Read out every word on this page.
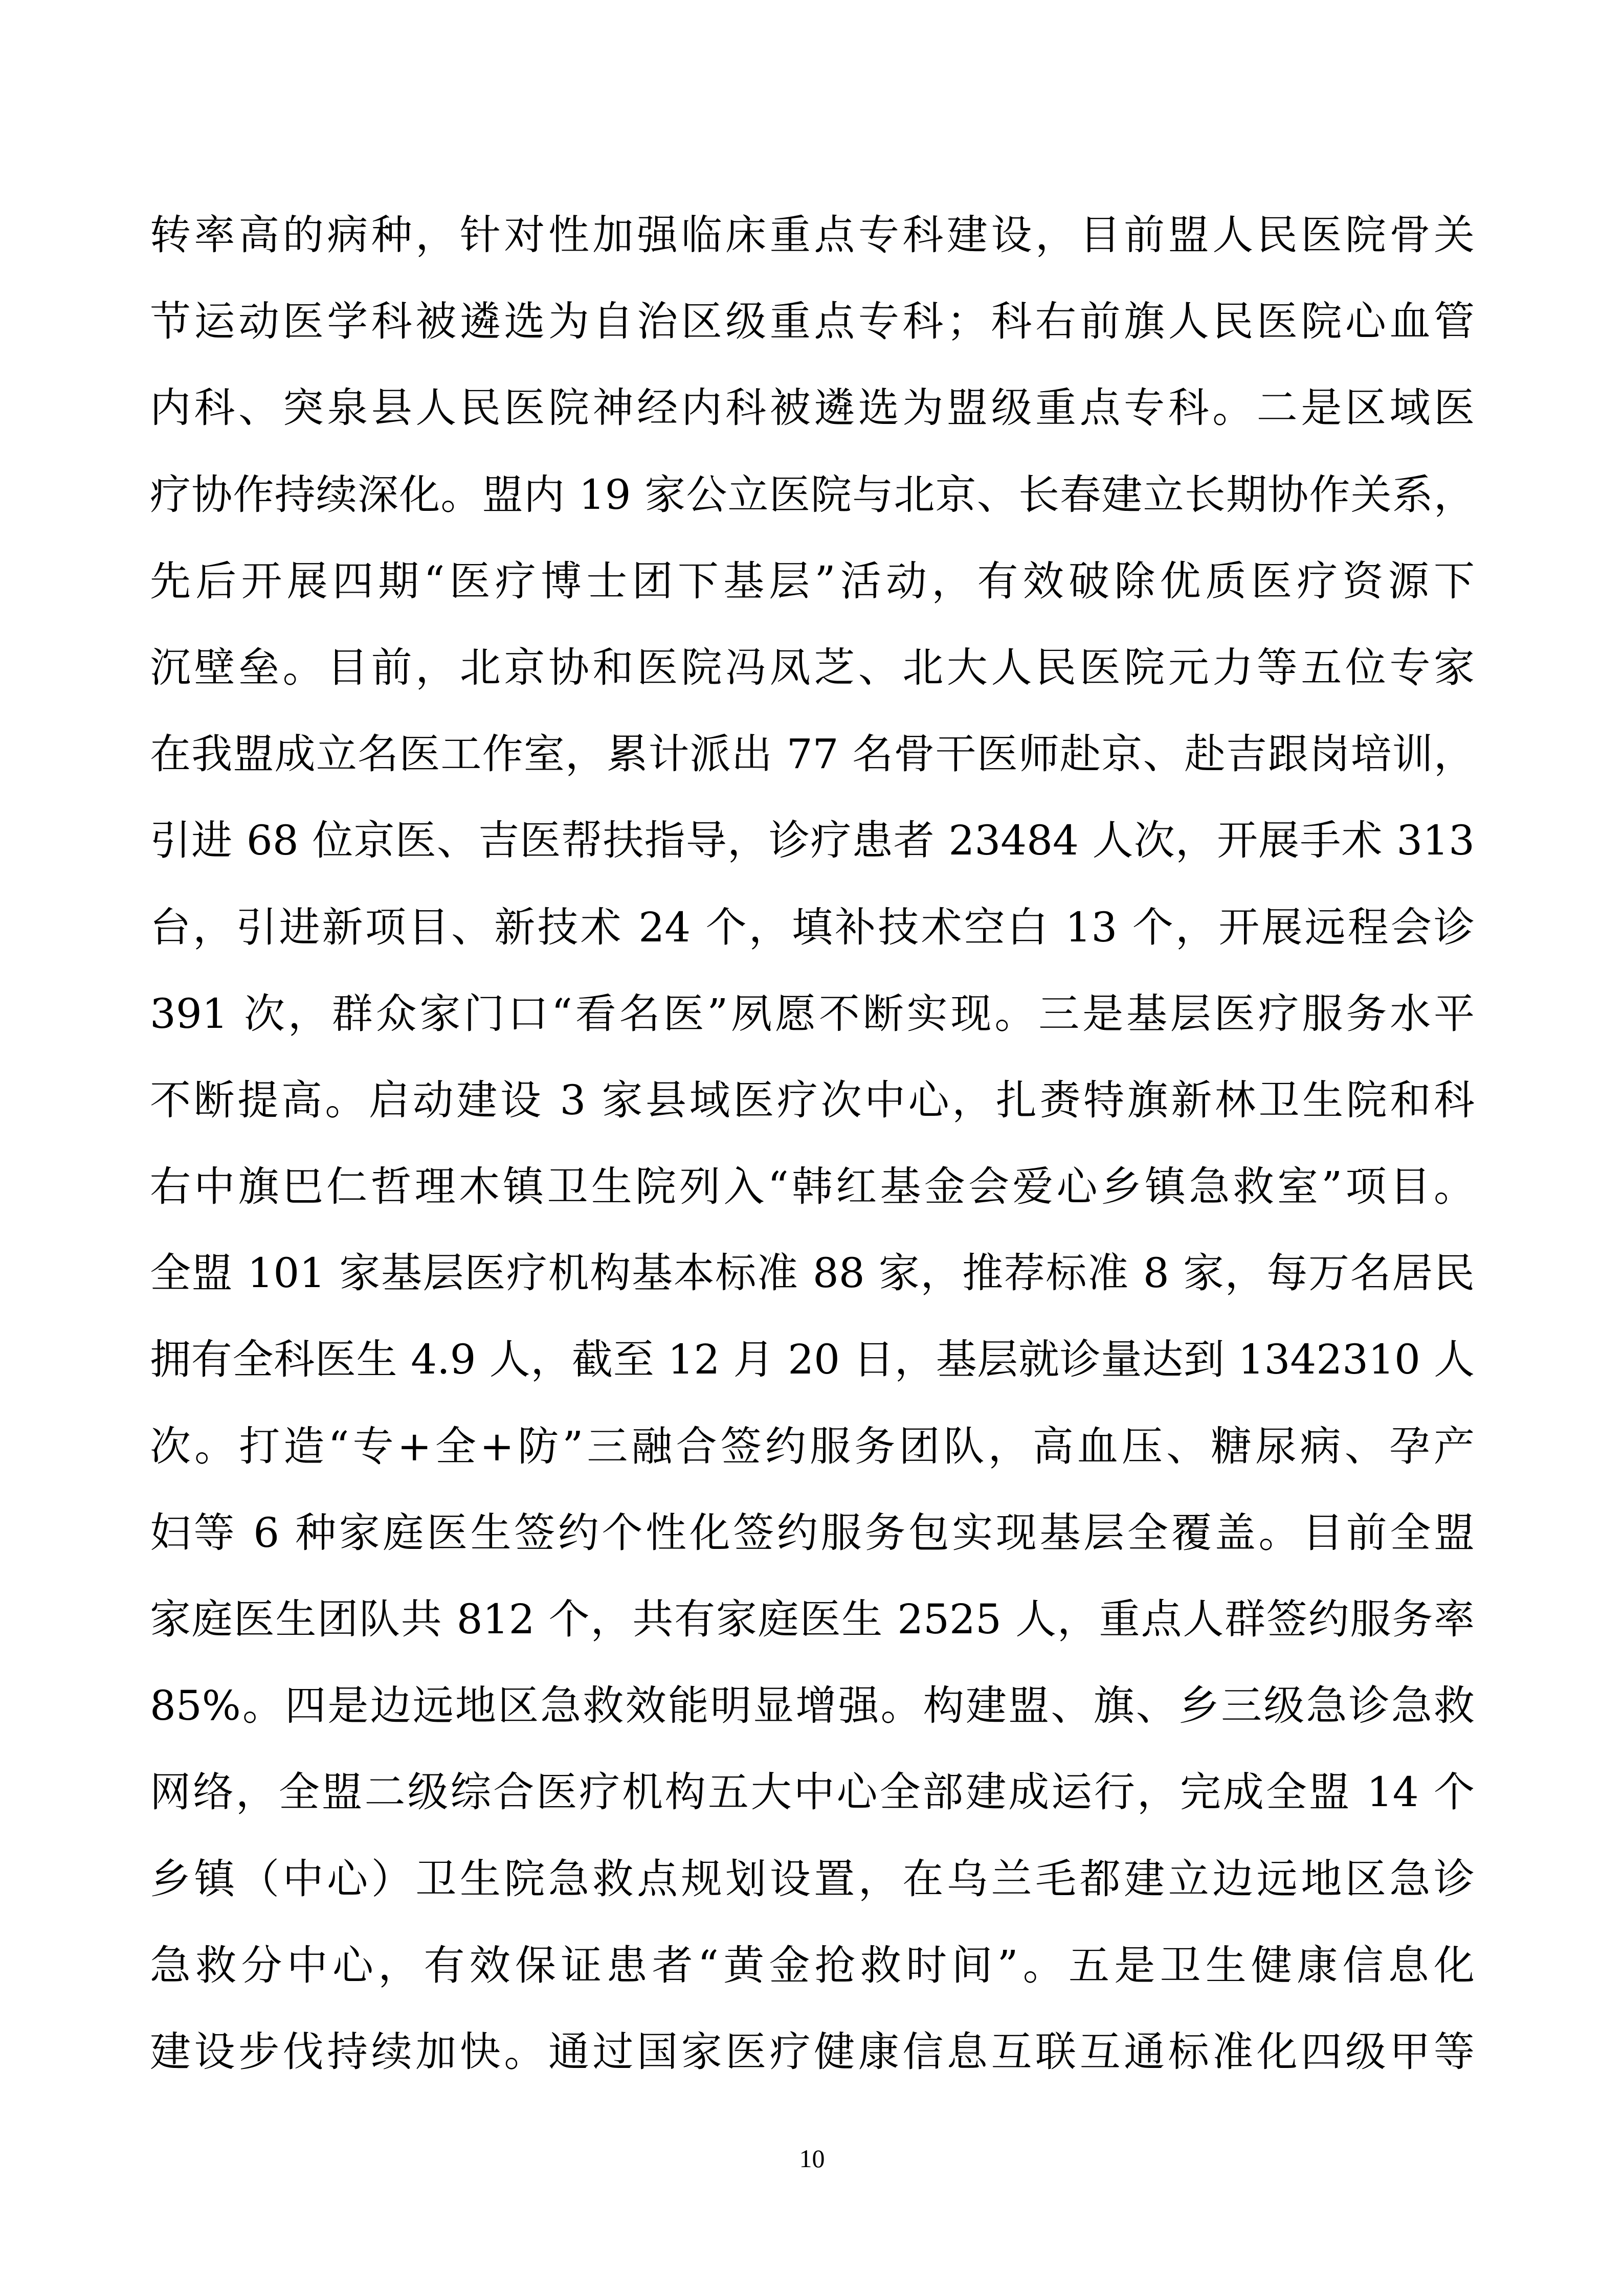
转率高的病种，针对性加强临床重点专科建设，目前盟人民医院骨关
节运动医学科被遴选为自治区级重点专科；科右前旗人民医院心血管
内科、突泉县人民医院神经内科被遴选为盟级重点专科。二是区域医
疗协作持续深化。盟内 19 家公立医院与北京、长春建立长期协作关系，
先后开展四期“医疗博士团下基层”活动，有效破除优质医疗资源下
沉壁垒。目前，北京协和医院冯凤芝、北大人民医院元力等五位专家
在我盟成立名医工作室，累计派出 77 名骨干医师赴京、赴吉跟岗培训，
引进 68 位京医、吉医帮扶指导，诊疗患者 23484 人次，开展手术 313
台，引进新项目、新技术 24 个，填补技术空白 13 个，开展远程会诊
391 次，群众家门口“看名医”夙愿不断实现。三是基层医疗服务水平
不断提高。启动建设 3 家县域医疗次中心，扎赉特旗新林卫生院和科
右中旗巴仁哲理木镇卫生院列入“韩红基金会爱心乡镇急救室”项目。
全盟 101 家基层医疗机构基本标准 88 家，推荐标准 8 家，每万名居民
拥有全科医生 4.9 人，截至 12 月 20 日，基层就诊量达到 1342310 人
次。打造“专+全+防”三融合签约服务团队，高血压、糖尿病、孕产
妇等 6 种家庭医生签约个性化签约服务包实现基层全覆盖。目前全盟
家庭医生团队共 812 个，共有家庭医生 2525 人，重点人群签约服务率
85%。四是边远地区急救效能明显增强。构建盟、旗、乡三级急诊急救
网络，全盟二级综合医疗机构五大中心全部建成运行，完成全盟 14 个
乡镇（中心）卫生院急救点规划设置，在乌兰毛都建立边远地区急诊
急救分中心，有效保证患者“黄金抢救时间”。五是卫生健康信息化
建设步伐持续加快。通过国家医疗健康信息互联互通标准化四级甲等
10
